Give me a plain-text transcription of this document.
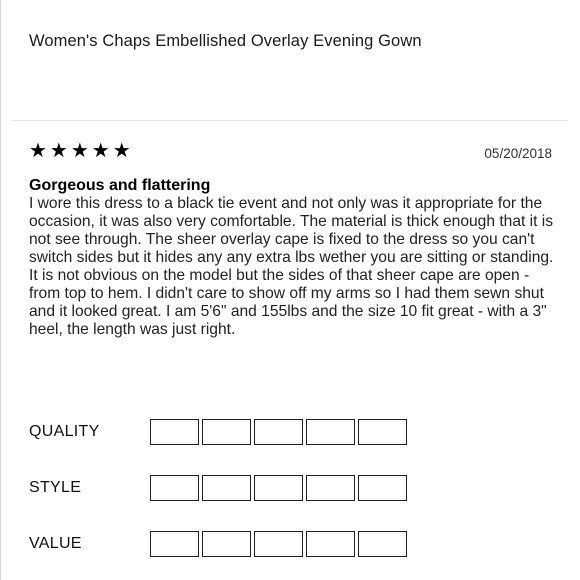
Women's Chaps Embellished Overlay Evening Gown
★★★★★	05/20/2018
Gorgeous and flattering
I wore this dress to a black tie event and not only was it appropriate for the occasion, it was also very comfortable. The material is thick enough that it is not see through. The sheer overlay cape is fixed to the dress so you can't switch sides but it hides any any extra lbs wether you are sitting or standing. It is not obvious on the model but the sides of that sheer cape are open - from top to hem. I didn't care to show off my arms so I had them sewn shut and it looked great. I am 5'6" and 155lbs and the size 10 fit great - with a 3" heel, the length was just right.
QUALITY
STYLE
VALUE
